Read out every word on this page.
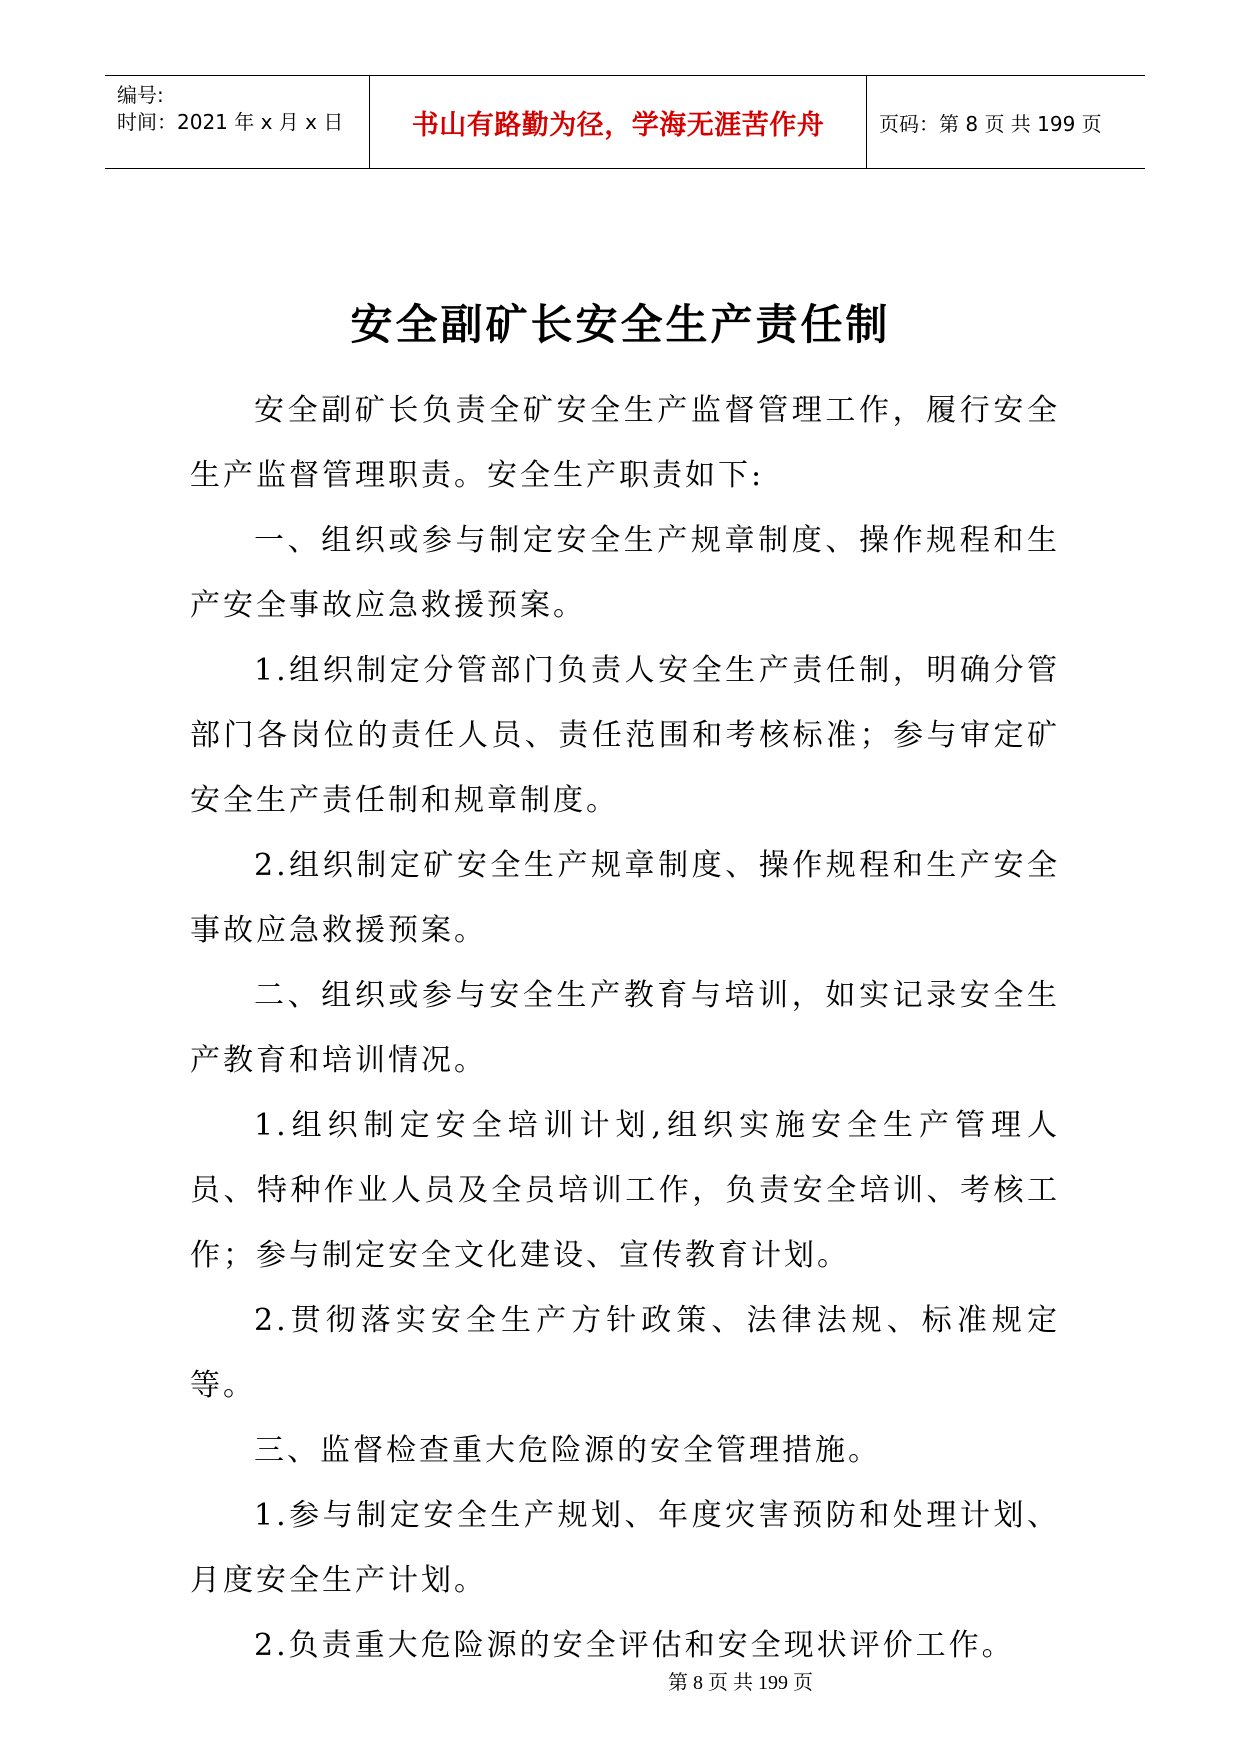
编号:
时间：2021 年 x 月 x 日	书山有路勤为径，学海无涯苦作舟	页码：第 8 页 共 199 页
安全副矿长安全生产责任制

安全副矿长负责全矿安全生产监督管理工作，履行安全生产监督管理职责。安全生产职责如下:

一、组织或参与制定安全生产规章制度、操作规程和生产安全事故应急救援预案。

1.组织制定分管部门负责人安全生产责任制，明确分管部门各岗位的责任人员、责任范围和考核标准；参与审定矿安全生产责任制和规章制度。

2.组织制定矿安全生产规章制度、操作规程和生产安全事故应急救援预案。

二、组织或参与安全生产教育与培训，如实记录安全生产教育和培训情况。

1.组织制定安全培训计划,组织实施安全生产管理人员、特种作业人员及全员培训工作，负责安全培训、考核工作；参与制定安全文化建设、宣传教育计划。

2.贯彻落实安全生产方针政策、法律法规、标准规定等。

三、监督检查重大危险源的安全管理措施。

1.参与制定安全生产规划、年度灾害预防和处理计划、月度安全生产计划。

2.负责重大危险源的安全评估和安全现状评价工作。

第 8 页 共 199 页
